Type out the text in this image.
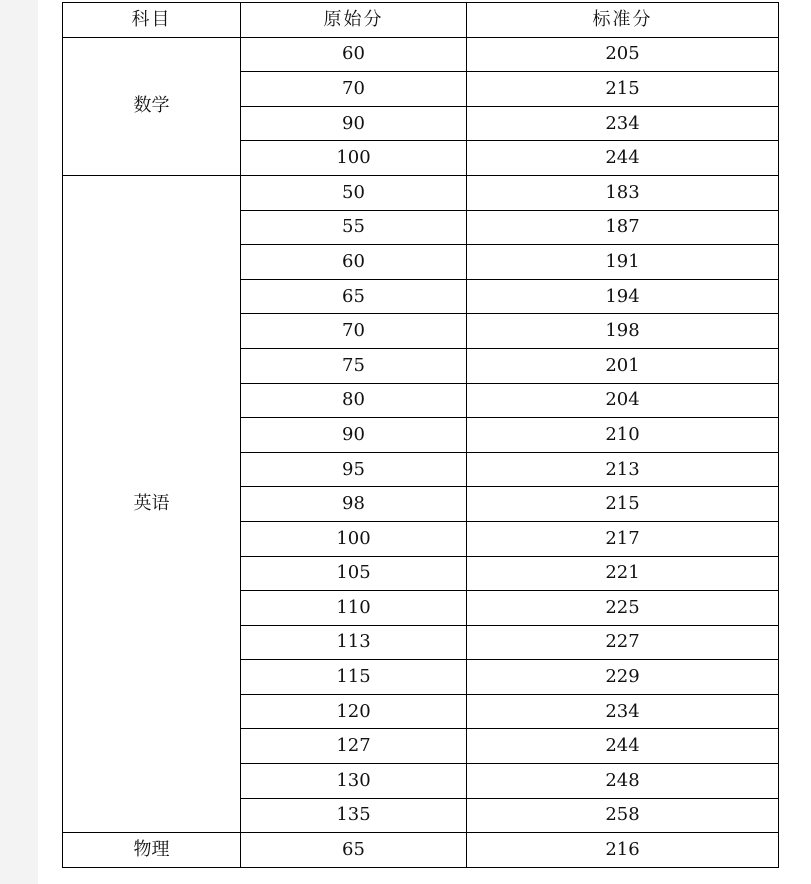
科目	原始分	标准分
数学	60	205
	70	215
	90	234
	100	244
英语	50	183
	55	187
	60	191
	65	194
	70	198
	75	201
	80	204
	90	210
	95	213
	98	215
	100	217
	105	221
	110	225
	113	227
	115	229
	120	234
	127	244
	130	248
	135	258
物理	65	216
